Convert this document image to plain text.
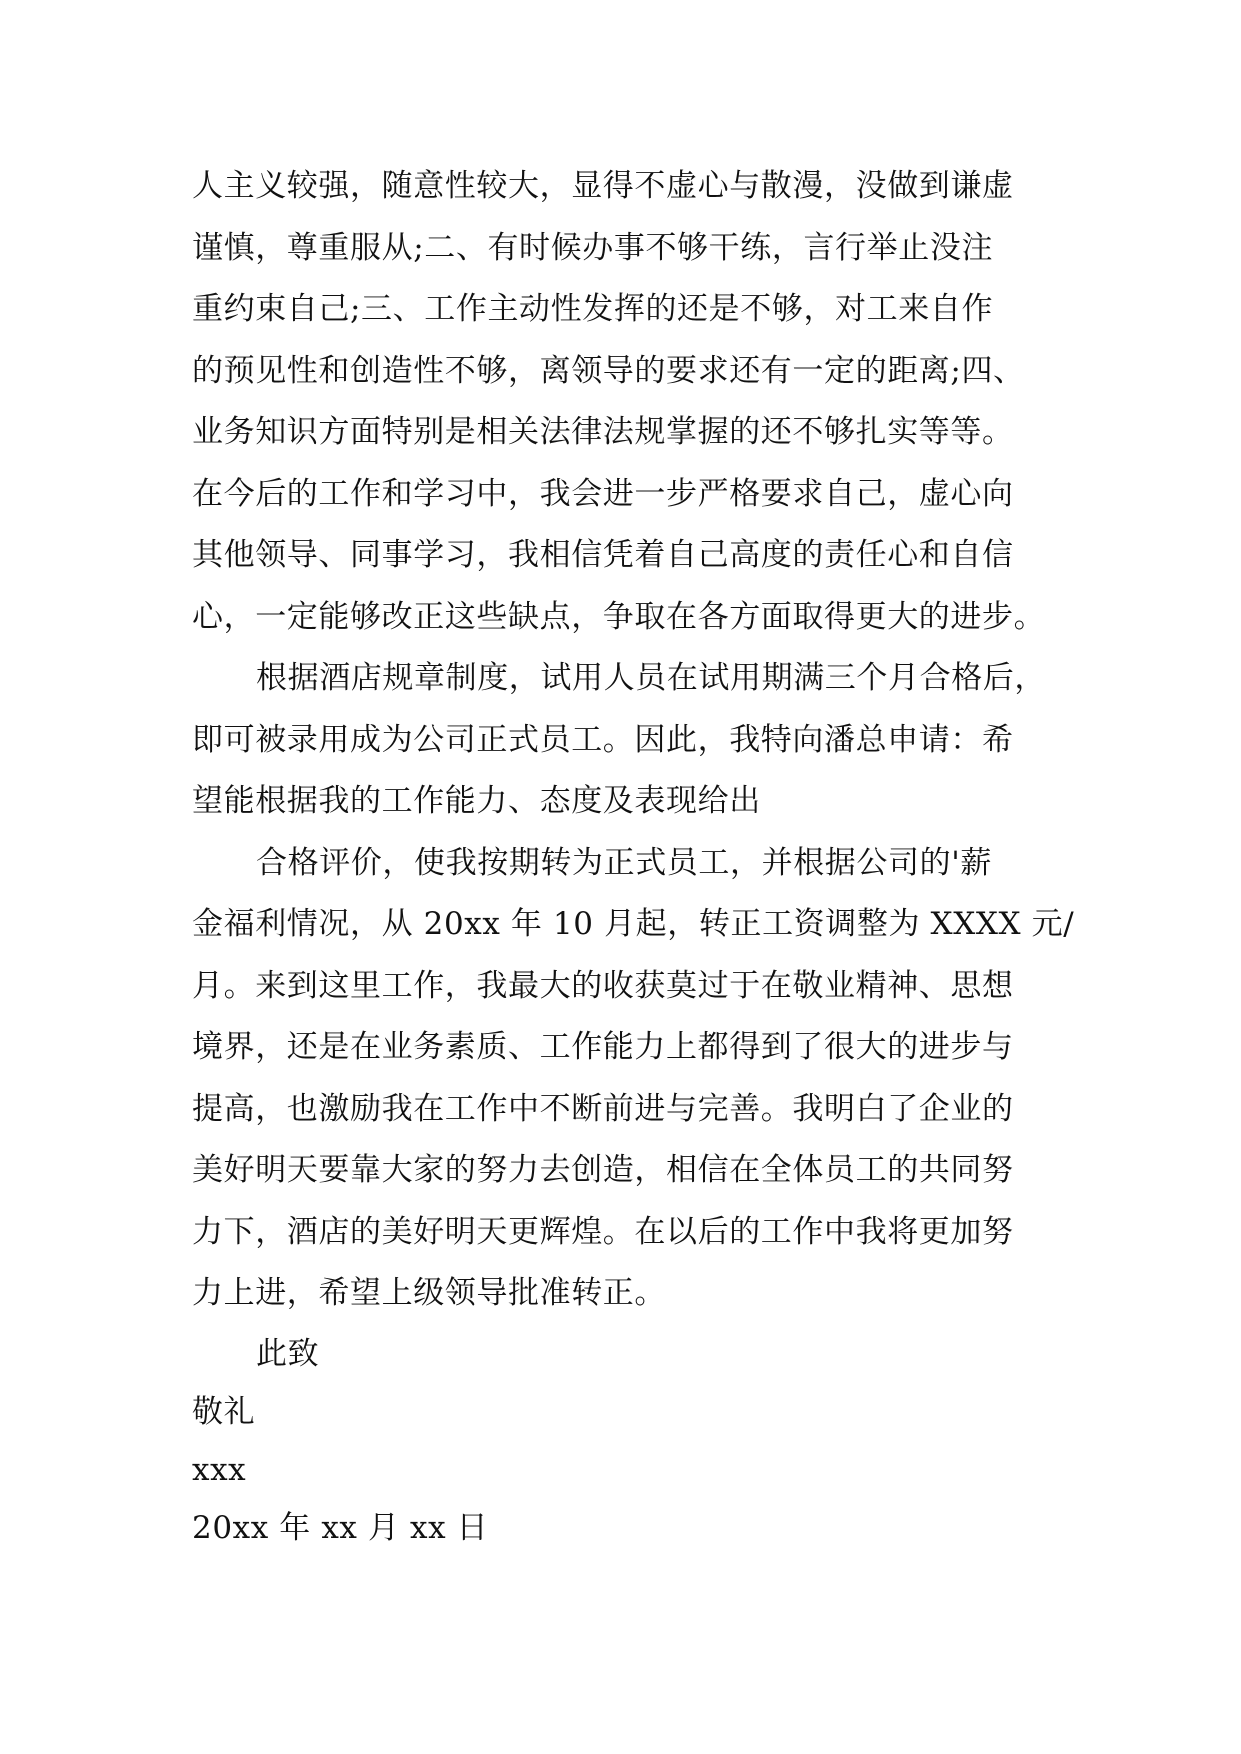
人主义较强，随意性较大，显得不虚心与散漫，没做到谦虚
谨慎，尊重服从;二、有时候办事不够干练，言行举止没注
重约束自己;三、工作主动性发挥的还是不够，对工来自作
的预见性和创造性不够，离领导的要求还有一定的距离;四、
业务知识方面特别是相关法律法规掌握的还不够扎实等等。
在今后的工作和学习中，我会进一步严格要求自己，虚心向
其他领导、同事学习，我相信凭着自己高度的责任心和自信
心，一定能够改正这些缺点，争取在各方面取得更大的进步。
根据酒店规章制度，试用人员在试用期满三个月合格后，
即可被录用成为公司正式员工。因此，我特向潘总申请：希
望能根据我的工作能力、态度及表现给出
合格评价，使我按期转为正式员工，并根据公司的'薪
金福利情况，从 20xx 年 10 月起，转正工资调整为 XXXX 元/
月。来到这里工作，我最大的收获莫过于在敬业精神、思想
境界，还是在业务素质、工作能力上都得到了很大的进步与
提高，也激励我在工作中不断前进与完善。我明白了企业的
美好明天要靠大家的努力去创造，相信在全体员工的共同努
力下，酒店的美好明天更辉煌。在以后的工作中我将更加努
力上进，希望上级领导批准转正。
此致
敬礼
xxx
20xx 年 xx 月 xx 日
